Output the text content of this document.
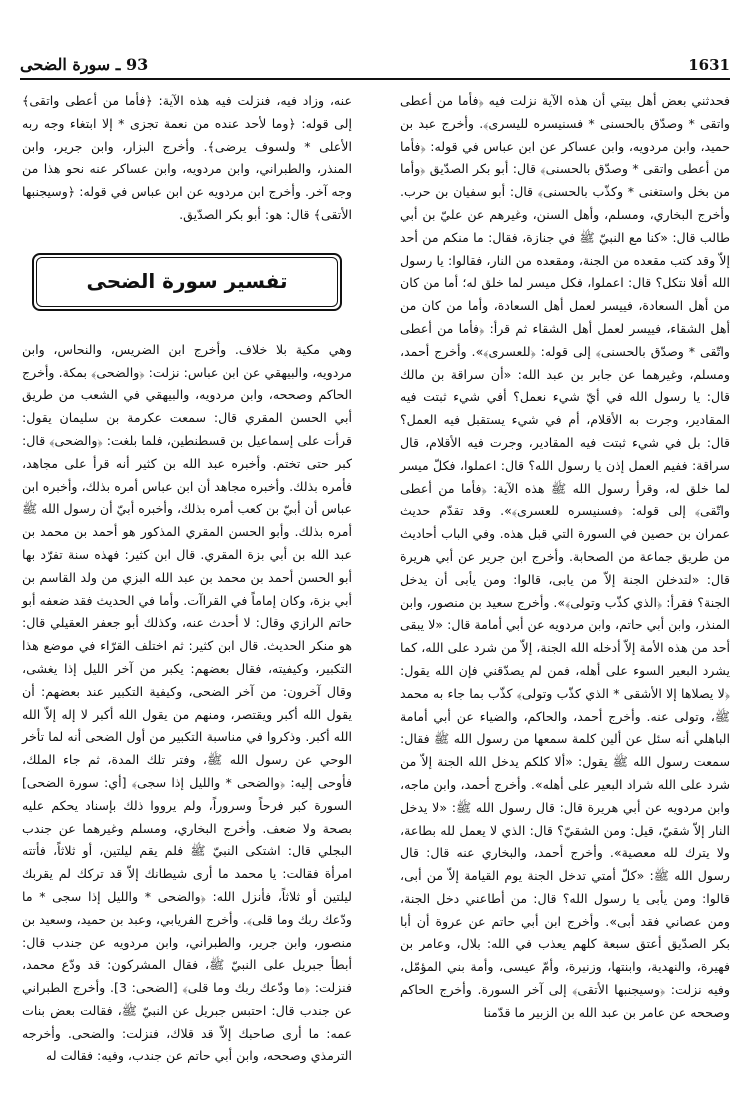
93 ـ سورة الضحى	1631

فحدثني بعض أهل بيتي أن هذه الآية نزلت فيه ﴿فأما من أعطى واتقى * وصدّق بالحسنى * فسنيسره لليسرى﴾. وأخرج عبد بن حميد، وابن مردويه، وابن عساكر عن ابن عباس في قوله: ﴿فأما من أعطى واتقى * وصدّق بالحسنى﴾ قال: أبو بكر الصدّيق ﴿وأما من بخل واستغنى * وكذّب بالحسنى﴾ قال: أبو سفيان بن حرب. وأخرج البخاري، ومسلم، وأهل السنن، وغيرهم عن عليّ بن أبي طالب قال: «كنا مع النبيّ ﷺ في جنازة، فقال: ما منكم من أحد إلاّ وقد كتب مقعده من الجنة، ومقعده من النار، فقالوا: يا رسول الله أفلا نتكل؟ قال: اعملوا، فكل ميسر لما خلق له؛ أما من كان من أهل السعادة، فييسر لعمل أهل السعادة، وأما من كان من أهل الشقاء، فييسر لعمل أهل الشقاء ثم قرأ: ﴿فأما من أعطى واتّقى * وصدّق بالحسنى﴾ إلى قوله: ﴿للعسرى﴾». وأخرج أحمد، ومسلم، وغيرهما عن جابر بن عبد الله: «أن سراقة بن مالك قال: يا رسول الله في أيّ شيء نعمل؟ أفي شيء ثبتت فيه المقادير، وجرت به الأقلام، أم في شيء يستقبل فيه العمل؟ قال: بل في شيء ثبتت فيه المقادير، وجرت فيه الأقلام، قال سراقة: ففيم العمل إذن يا رسول الله؟ قال: اعملوا، فكلّ ميسر لما خلق له، وقرأ رسول الله ﷺ هذه الآية: ﴿فأما من أعطى واتّقى﴾ إلى قوله: ﴿فسنيسره للعسرى﴾». وقد تقدّم حديث عمران بن حصين في السورة التي قبل هذه. وفي الباب أحاديث من طريق جماعة من الصحابة. وأخرج ابن جرير عن أبي هريرة قال: «لتدخلن الجنة إلاّ من يابى، قالوا: ومن يأبى أن يدخل الجنة؟ فقرأ: ﴿الذي كذّب وتولى﴾». وأخرج سعيد بن منصور، وابن المنذر، وابن أبي حاتم، وابن مردويه عن أبي أمامة قال: «لا يبقى أحد من هذه الأمة إلاّ أدخله الله الجنة، إلاّ من شرد على الله، كما يشرد البعير السوء على أهله، فمن لم يصدّقني فإن الله يقول: ﴿لا يصلاها إلا الأشقى * الذي كذّب وتولى﴾ كذّب بما جاء به محمد ﷺ، وتولى عنه. وأخرج أحمد، والحاكم، والضياء عن أبي أمامة الباهلي أنه سئل عن ألين كلمة سمعها من رسول الله ﷺ فقال: سمعت رسول الله ﷺ يقول: «ألا كلكم يدخل الله الجنة إلاّ من شرد على الله شراد البعير على أهله». وأخرج أحمد، وابن ماجه، وابن مردويه عن أبي هريرة قال: قال رسول الله ﷺ: «لا يدخل النار إلاّ شقيّ، قيل: ومن الشقيّ؟ قال: الذي لا يعمل لله بطاعة، ولا يترك لله معصية». وأخرج أحمد، والبخاري عنه قال: قال رسول الله ﷺ: «كلّ أمتي تدخل الجنة يوم القيامة إلاّ من أبى، قالوا: ومن يأبى يا رسول الله؟ قال: من أطاعني دخل الجنة، ومن عصاني فقد أبى». وأخرج ابن أبي حاتم عن عروة أن أبا بكر الصدّيق أعتق سبعة كلهم يعذب في الله: بلال، وعامر بن فهيرة، والنهدية، وابنتها، وزنيرة، وأمّ عيسى، وأمة بني المؤمّل، وفيه نزلت: ﴿وسيجنبها الأتقى﴾ إلى آخر السورة. وأخرج الحاكم وصححه عن عامر بن عبد الله بن الزبير ما قدّمنا

عنه، وزاد فيه، فنزلت فيه هذه الآية: ﴿فأما من أعطى واتقى﴾ إلى قوله: ﴿وما لأحد عنده من نعمة تجزى * إلا ابتغاء وجه ربه الأعلى * ولسوف يرضى﴾. وأخرج البزار، وابن جرير، وابن المنذر، والطبراني، وابن مردويه، وابن عساكر عنه نحو هذا من وجه آخر. وأخرج ابن مردويه عن ابن عباس في قوله: ﴿وسيجنبها الأتقى﴾ قال: هو: أبو بكر الصدّيق.

تفسير سورة الضحى

وهي مكية بلا خلاف. وأخرج ابن الضريس، والنحاس، وابن مردويه، والبيهقي عن ابن عباس: نزلت: ﴿والضحى﴾ بمكة. وأخرج الحاكم وصححه، وابن مردويه، والبيهقي في الشعب من طريق أبي الحسن المقري قال: سمعت عكرمة بن سليمان يقول: قرأت على إسماعيل بن قسطنطين، فلما بلغت: ﴿والضحى﴾ قال: كبر حتى تختم. وأخبره عبد الله بن كثير أنه قرأ على مجاهد، فأمره بذلك. وأخبره مجاهد أن ابن عباس أمره بذلك، وأخبره ابن عباس أن أبيّ بن كعب أمره بذلك، وأخبره أبيّ أن رسول الله ﷺ أمره بذلك. وأبو الحسن المقري المذكور هو أحمد بن محمد بن عبد الله بن أبي بزة المقري. قال ابن كثير: فهذه سنة تفرّد بها أبو الحسن أحمد بن محمد بن عبد الله البزي من ولد القاسم بن أبي بزة، وكان إماماً في القراآت. وأما في الحديث فقد ضعفه أبو حاتم الرازي وقال: لا أحدث عنه، وكذلك أبو جعفر العقيلي قال: هو منكر الحديث. قال ابن كثير: ثم اختلف القرّاء في موضع هذا التكبير، وكيفيته، فقال بعضهم: يكبر من آخر الليل إذا يغشى، وقال آخرون: من آخر الضحى، وكيفية التكبير عند بعضهم: أن يقول الله أكبر ويقتصر، ومنهم من يقول الله أكبر لا إله إلاّ الله الله أكبر. وذكروا في مناسبة التكبير من أول الضحى أنه لما تأخر الوحي عن رسول الله ﷺ، وفتر تلك المدة، ثم جاء الملك، فأوحى إليه: ﴿والضحى * والليل إذا سجى﴾ [أي: سورة الضحى] السورة كبر فرحاً وسروراً، ولم يرووا ذلك بإسناد يحكم عليه بصحة ولا ضعف. وأخرج البخاري، ومسلم وغيرهما عن جندب البجلي قال: اشتكى النبيّ ﷺ فلم يقم ليلتين، أو ثلاثاً، فأتته امرأة فقالت: يا محمد ما أرى شيطانك إلاّ قد تركك لم يقربك ليلتين أو ثلاثاً، فأنزل الله: ﴿والضحى * والليل إذا سجى * ما ودّعك ربك وما قلى﴾. وأخرج الفريابي، وعبد بن حميد، وسعيد بن منصور، وابن جرير، والطبراني، وابن مردويه عن جندب قال: أبطأ جبريل على النبيّ ﷺ، فقال المشركون: قد ودّع محمد، فنزلت: ﴿ما ودّعك ربك وما قلى﴾ [الضحى: 3]. وأخرج الطبراني عن جندب قال: احتبس جبريل عن النبيّ ﷺ، فقالت بعض بنات عمه: ما أرى صاحبك إلاّ قد قلاك، فنزلت: والضحى. وأخرجه الترمذي وصححه، وابن أبي حاتم عن جندب، وفيه: فقالت له
